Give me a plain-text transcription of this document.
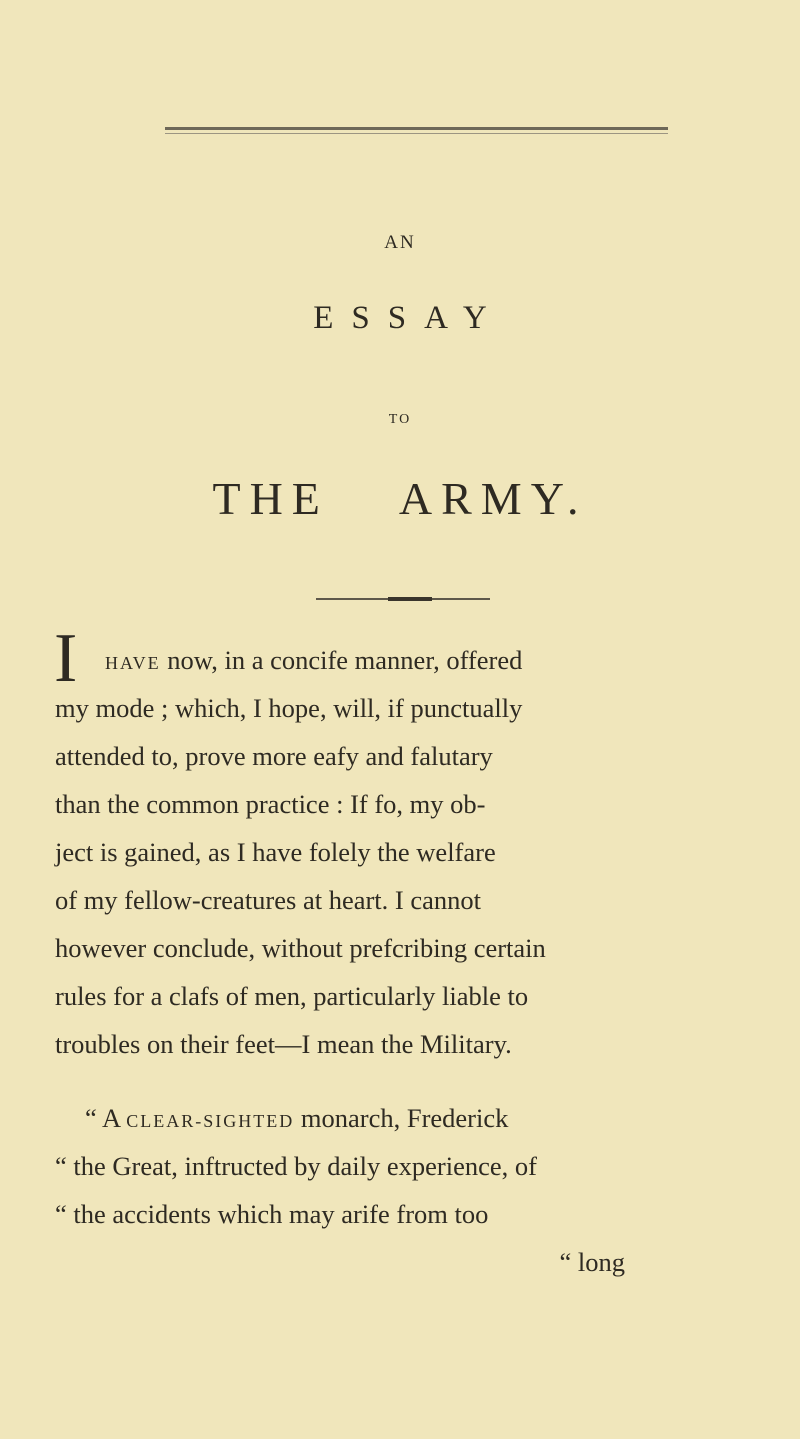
AN
ESSAY
TO
THE ARMY.
I HAVE now, in a concife manner, offered
my mode ; which, I hope, will, if punctually
attended to, prove more eafy and falutary
than the common practice : If fo, my ob-
ject is gained, as I have folely the welfare
of my fellow-creatures at heart. I cannot
however conclude, without prefcribing certain
rules for a clafs of men, particularly liable to
troubles on their feet—I mean the Military.
“ A CLEAR-SIGHTED monarch, Frederick
“ the Great, inftructed by daily experience, of
“ the accidents which may arife from too
“ long
